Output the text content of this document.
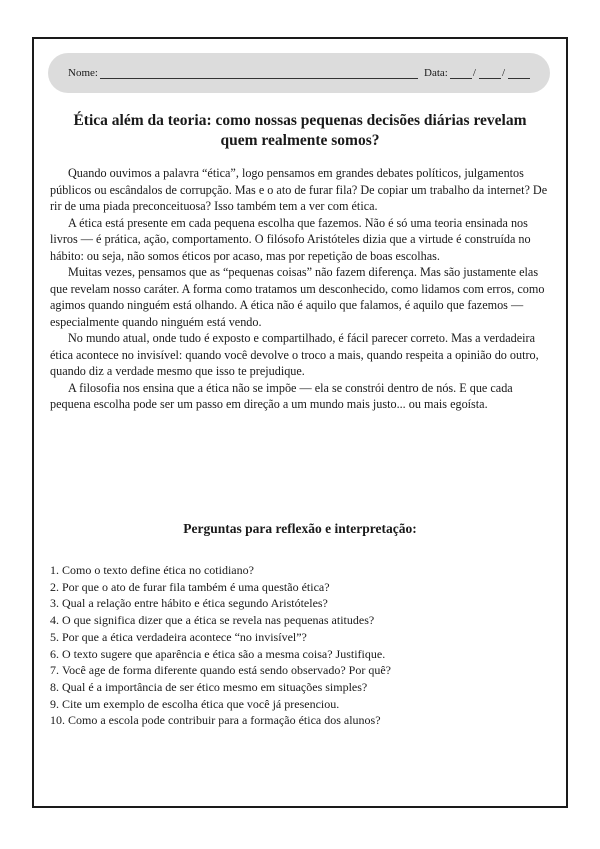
Nome:	Data: / /
Ética além da teoria: como nossas pequenas decisões diárias revelam quem realmente somos?

Quando ouvimos a palavra “ética”, logo pensamos em grandes debates políticos, julgamentos públicos ou escândalos de corrupção. Mas e o ato de furar fila? De copiar um trabalho da internet? De rir de uma piada preconceituosa? Isso também tem a ver com ética.

A ética está presente em cada pequena escolha que fazemos. Não é só uma teoria ensinada nos livros — é prática, ação, comportamento. O filósofo Aristóteles dizia que a virtude é construída no hábito: ou seja, não somos éticos por acaso, mas por repetição de boas escolhas.

Muitas vezes, pensamos que as “pequenas coisas” não fazem diferença. Mas são justamente elas que revelam nosso caráter. A forma como tratamos um desconhecido, como lidamos com erros, como agimos quando ninguém está olhando. A ética não é aquilo que falamos, é aquilo que fazemos — especialmente quando ninguém está vendo.

No mundo atual, onde tudo é exposto e compartilhado, é fácil parecer correto. Mas a verdadeira ética acontece no invisível: quando você devolve o troco a mais, quando respeita a opinião do outro, quando diz a verdade mesmo que isso te prejudique.

A filosofia nos ensina que a ética não se impõe — ela se constrói dentro de nós. E que cada pequena escolha pode ser um passo em direção a um mundo mais justo... ou mais egoísta.

Perguntas para reflexão e interpretação:
1. Como o texto define ética no cotidiano?
2. Por que o ato de furar fila também é uma questão ética?
3. Qual a relação entre hábito e ética segundo Aristóteles?
4. O que significa dizer que a ética se revela nas pequenas atitudes?
5. Por que a ética verdadeira acontece “no invisível”?
6. O texto sugere que aparência e ética são a mesma coisa? Justifique.
7. Você age de forma diferente quando está sendo observado? Por quê?
8. Qual é a importância de ser ético mesmo em situações simples?
9. Cite um exemplo de escolha ética que você já presenciou.
10. Como a escola pode contribuir para a formação ética dos alunos?
